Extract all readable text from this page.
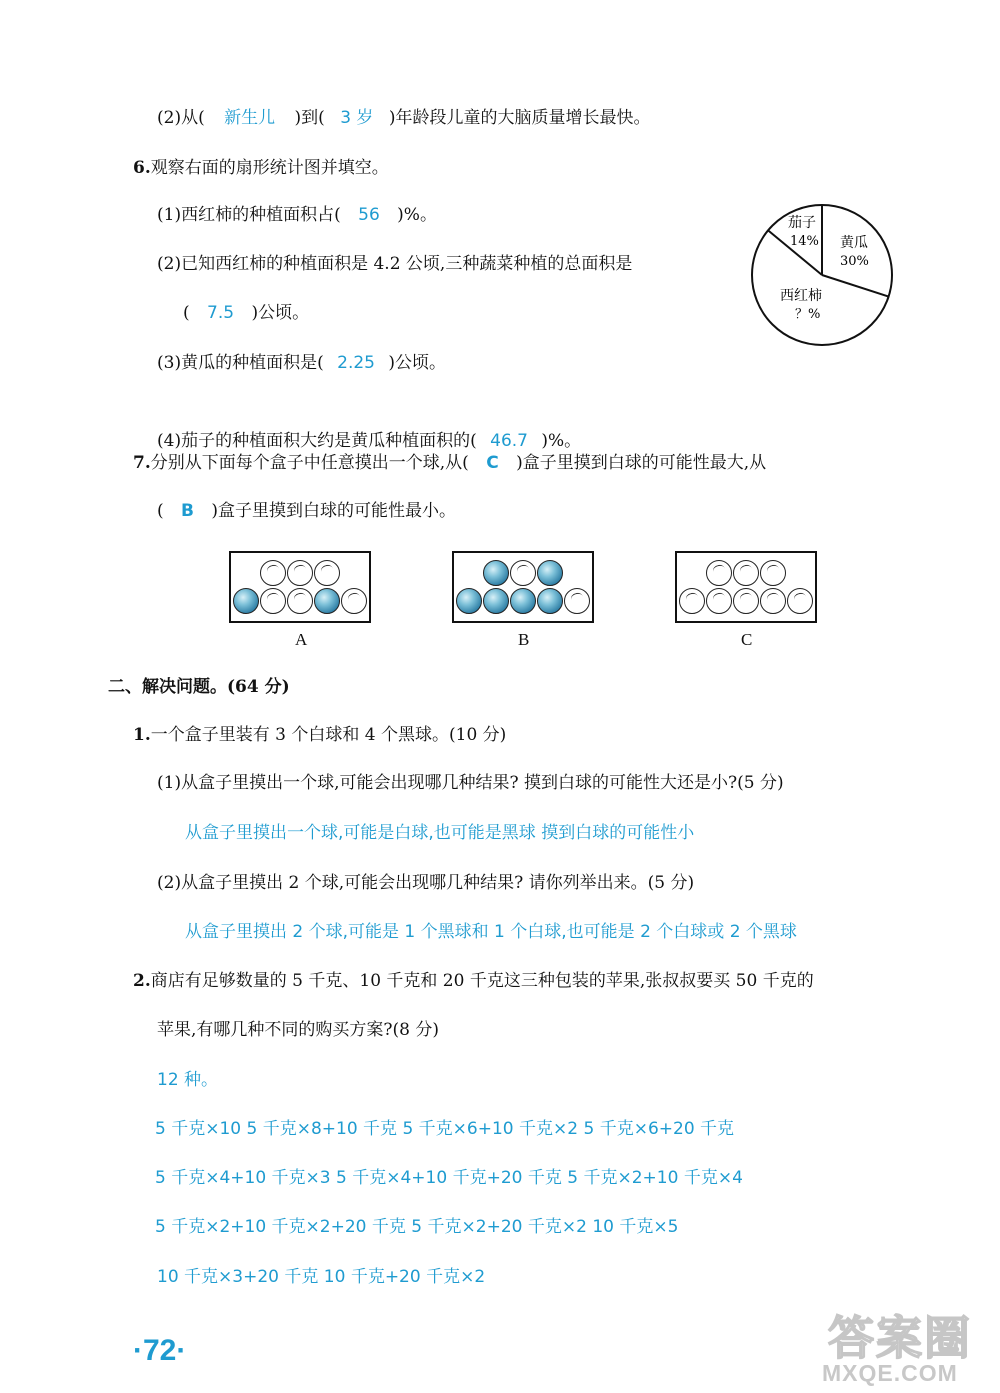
(2)从( 新生儿 )到( 3 岁 )年龄段儿童的大脑质量增长最快。
6.观察右面的扇形统计图并填空。
(1)西红柿的种植面积占( 56 )%。
(2)已知西红柿的种植面积是 4.2 公顷,三种蔬菜种植的总面积是
( 7.5 )公顷。
(3)黄瓜的种植面积是( 2.25 )公顷。
(4)茄子的种植面积大约是黄瓜种植面积的( 46.7 )%。
黄瓜
30%
西红柿
？%
茄子
14%
7.分别从下面每个盒子中任意摸出一个球,从( C )盒子里摸到白球的可能性最大,从
( B )盒子里摸到白球的可能性最小。
A	B	C
二、解决问题。(64 分)
1.一个盒子里装有 3 个白球和 4 个黑球。(10 分)
(1)从盒子里摸出一个球,可能会出现哪几种结果? 摸到白球的可能性大还是小?(5 分)
从盒子里摸出一个球,可能是白球,也可能是黑球 摸到白球的可能性小
(2)从盒子里摸出 2 个球,可能会出现哪几种结果? 请你列举出来。(5 分)
从盒子里摸出 2 个球,可能是 1 个黑球和 1 个白球,也可能是 2 个白球或 2 个黑球
2.商店有足够数量的 5 千克、10 千克和 20 千克这三种包装的苹果,张叔叔要买 50 千克的
苹果,有哪几种不同的购买方案?(8 分)
12 种。
5 千克×10 5 千克×8+10 千克 5 千克×6+10 千克×2 5 千克×6+20 千克
5 千克×4+10 千克×3 5 千克×4+10 千克+20 千克 5 千克×2+10 千克×4
5 千克×2+10 千克×2+20 千克 5 千克×2+20 千克×2 10 千克×5
10 千克×3+20 千克 10 千克+20 千克×2
·72·	答案圈
MXQE.COM
